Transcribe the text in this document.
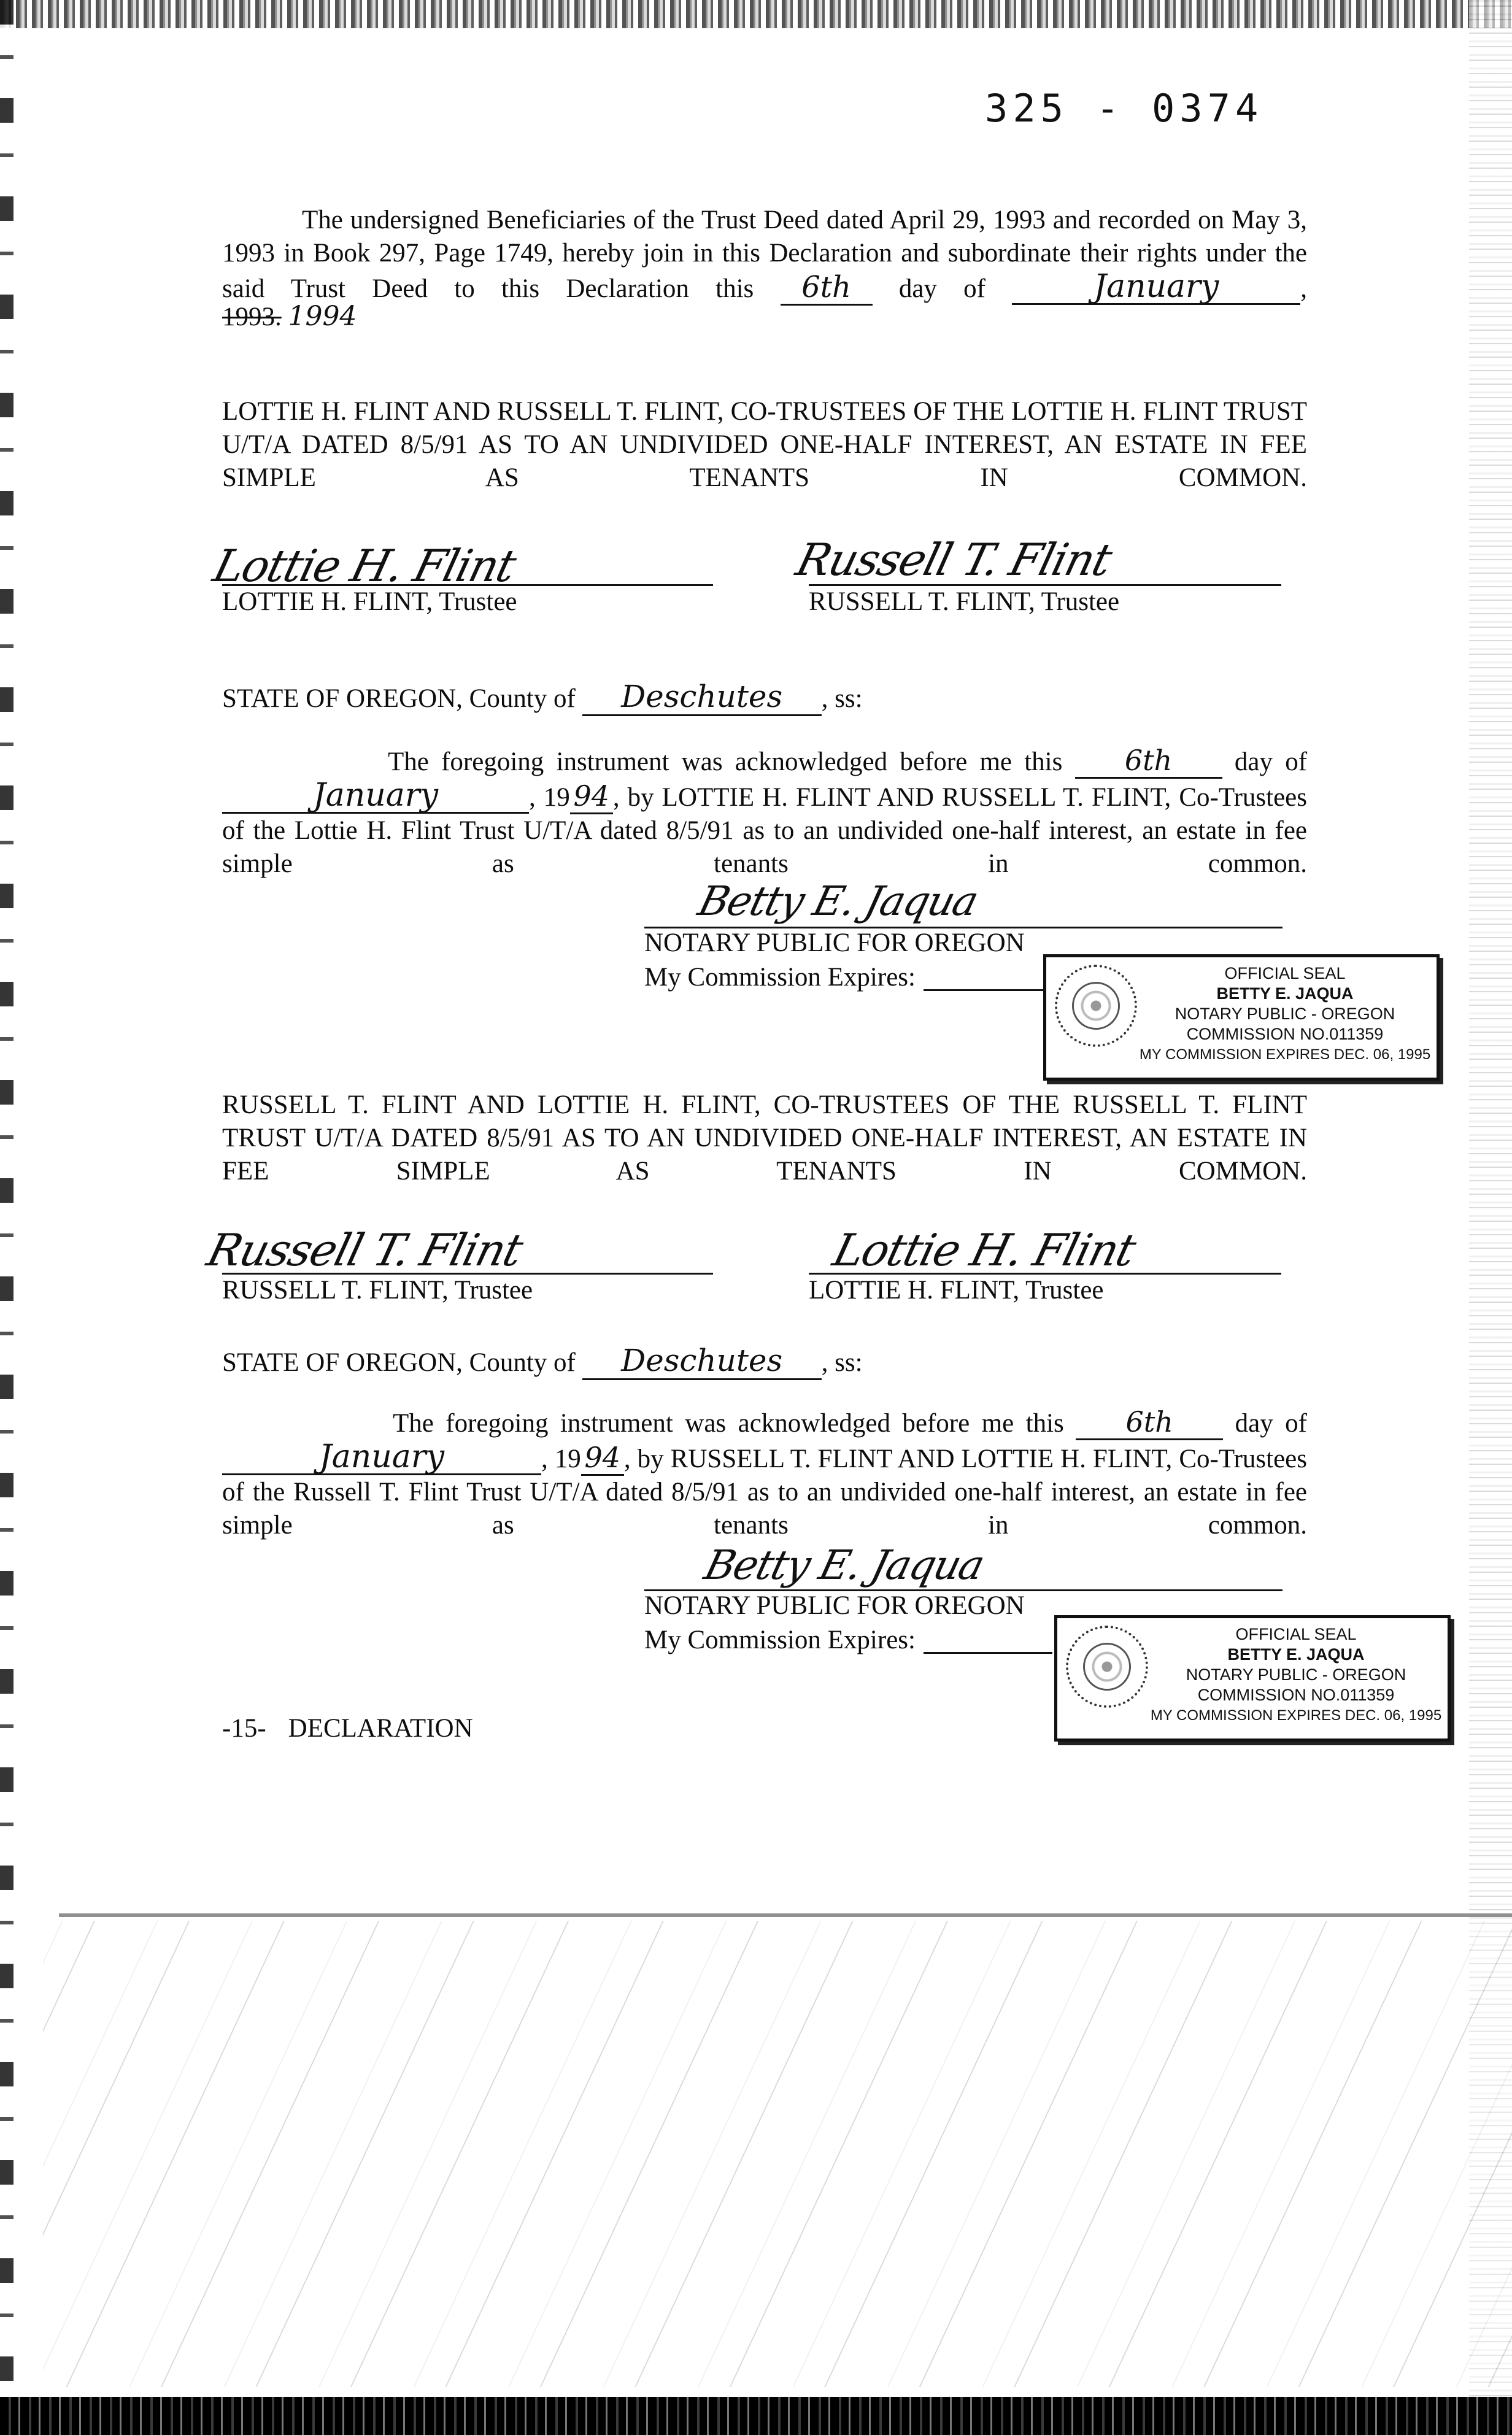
325 - 0374
The undersigned Beneficiaries of the Trust Deed dated April 29, 1993 and recorded on May 3, 1993 in Book 297, Page 1749, hereby join in this Declaration and subordinate their rights under the said Trust Deed to this Declaration this 6th day of	January	,
1993. 1994
LOTTIE H. FLINT AND RUSSELL T. FLINT, CO-TRUSTEES OF THE LOTTIE H. FLINT TRUST U/T/A DATED 8/5/91 AS TO AN UNDIVIDED ONE-HALF INTEREST, AN ESTATE IN FEE SIMPLE AS TENANTS IN COMMON.
Lottie H. Flint
LOTTIE H. FLINT, Trustee
Russell T. Flint
RUSSELL T. FLINT, Trustee
STATE OF OREGON, County of Deschutes , ss:
The foregoing instrument was acknowledged before me this 6th day of January	, 19 94 , by LOTTIE H. FLINT AND RUSSELL T. FLINT, Co-Trustees of the Lottie H. Flint Trust U/T/A dated 8/5/91 as to an undivided one-half interest, an estate in fee simple as tenants in common.
Betty E. Jaqua
NOTARY PUBLIC FOR OREGON
My Commission Expires:	OFFICIAL SEAL
BETTY E. JAQUA
NOTARY PUBLIC - OREGON
COMMISSION NO.011359
MY COMMISSION EXPIRES DEC. 06, 1995
RUSSELL T. FLINT AND LOTTIE H. FLINT, CO-TRUSTEES OF THE RUSSELL T. FLINT TRUST U/T/A DATED 8/5/91 AS TO AN UNDIVIDED ONE-HALF INTEREST, AN ESTATE IN FEE SIMPLE AS TENANTS IN COMMON.
Russell T. Flint
RUSSELL T. FLINT, Trustee
Lottie H. Flint
LOTTIE H. FLINT, Trustee
STATE OF OREGON, County of Deschutes , ss:
The foregoing instrument was acknowledged before me this 6th day of January	, 19 94 , by RUSSELL T. FLINT AND LOTTIE H. FLINT, Co-Trustees of the Russell T. Flint Trust U/T/A dated 8/5/91 as to an undivided one-half interest, an estate in fee simple as tenants in common.
Betty E. Jaqua
NOTARY PUBLIC FOR OREGON
My Commission Expires:	OFFICIAL SEAL
BETTY E. JAQUA
NOTARY PUBLIC - OREGON
COMMISSION NO.011359
MY COMMISSION EXPIRES DEC. 06, 1995
-15- DECLARATION
